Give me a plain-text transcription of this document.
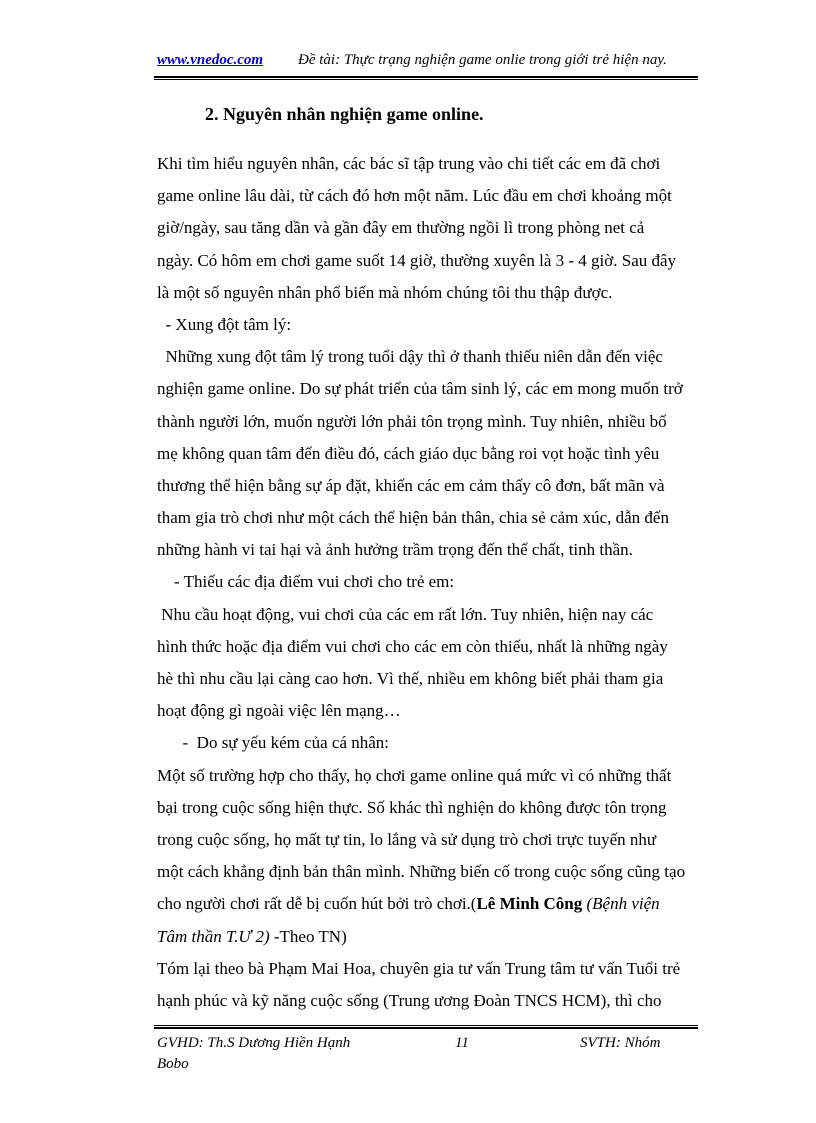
www.vnedoc.com Đề tài: Thực trạng nghiện game onlie trong giới trẻ hiện nay.
2. Nguyên nhân nghiện game online.
Khi tìm hiểu nguyên nhân, các bác sĩ tập trung vào chi tiết các em đã chơi
game online lâu dài, từ cách đó hơn một năm. Lúc đầu em chơi khoảng một
giờ/ngày, sau tăng dần và gần đây em thường ngồi lì trong phòng net cả
ngày. Có hôm em chơi game suốt 14 giờ, thường xuyên là 3 - 4 giờ. Sau đây
là một số nguyên nhân phổ biến mà nhóm chúng tôi thu thập được.
- Xung đột tâm lý:
Những xung đột tâm lý trong tuổi dậy thì ở thanh thiếu niên dẫn đến việc
nghiện game online. Do sự phát triển của tâm sinh lý, các em mong muốn trở
thành người lớn, muốn người lớn phải tôn trọng mình. Tuy nhiên, nhiều bố
mẹ không quan tâm đến điều đó, cách giáo dục bằng roi vọt hoặc tình yêu
thương thể hiện bằng sự áp đặt, khiến các em cảm thấy cô đơn, bất mãn và
tham gia trò chơi như một cách thể hiện bản thân, chia sẻ cảm xúc, dẫn đến
những hành vi tai hại và ảnh hưởng trầm trọng đến thể chất, tinh thần.
- Thiếu các địa điểm vui chơi cho trẻ em:
Nhu cầu hoạt động, vui chơi của các em rất lớn. Tuy nhiên, hiện nay các
hình thức hoặc địa điểm vui chơi cho các em còn thiếu, nhất là những ngày
hè thì nhu cầu lại càng cao hơn. Vì thế, nhiều em không biết phải tham gia
hoạt động gì ngoài việc lên mạng…
-  Do sự yếu kém của cá nhân:
Một số trường hợp cho thấy, họ chơi game online quá mức vì có những thất
bại trong cuộc sống hiện thực. Số khác thì nghiện do không được tôn trọng
trong cuộc sống, họ mất tự tin, lo lắng và sử dụng trò chơi trực tuyến như
một cách khẳng định bản thân mình. Những biến cố trong cuộc sống cũng tạo
cho người chơi rất dễ bị cuốn hút bởi trò chơi.(Lê Minh Công (Bệnh viện
Tâm thần T.Ư 2) -Theo TN)
Tóm lại theo bà Phạm Mai Hoa, chuyên gia tư vấn Trung tâm tư vấn Tuổi trẻ
hạnh phúc và kỹ năng cuộc sống (Trung ương Đoàn TNCS HCM), thì cho
GVHD: Th.S Dương Hiền Hạnh
Bobo
11	SVTH: Nhóm
